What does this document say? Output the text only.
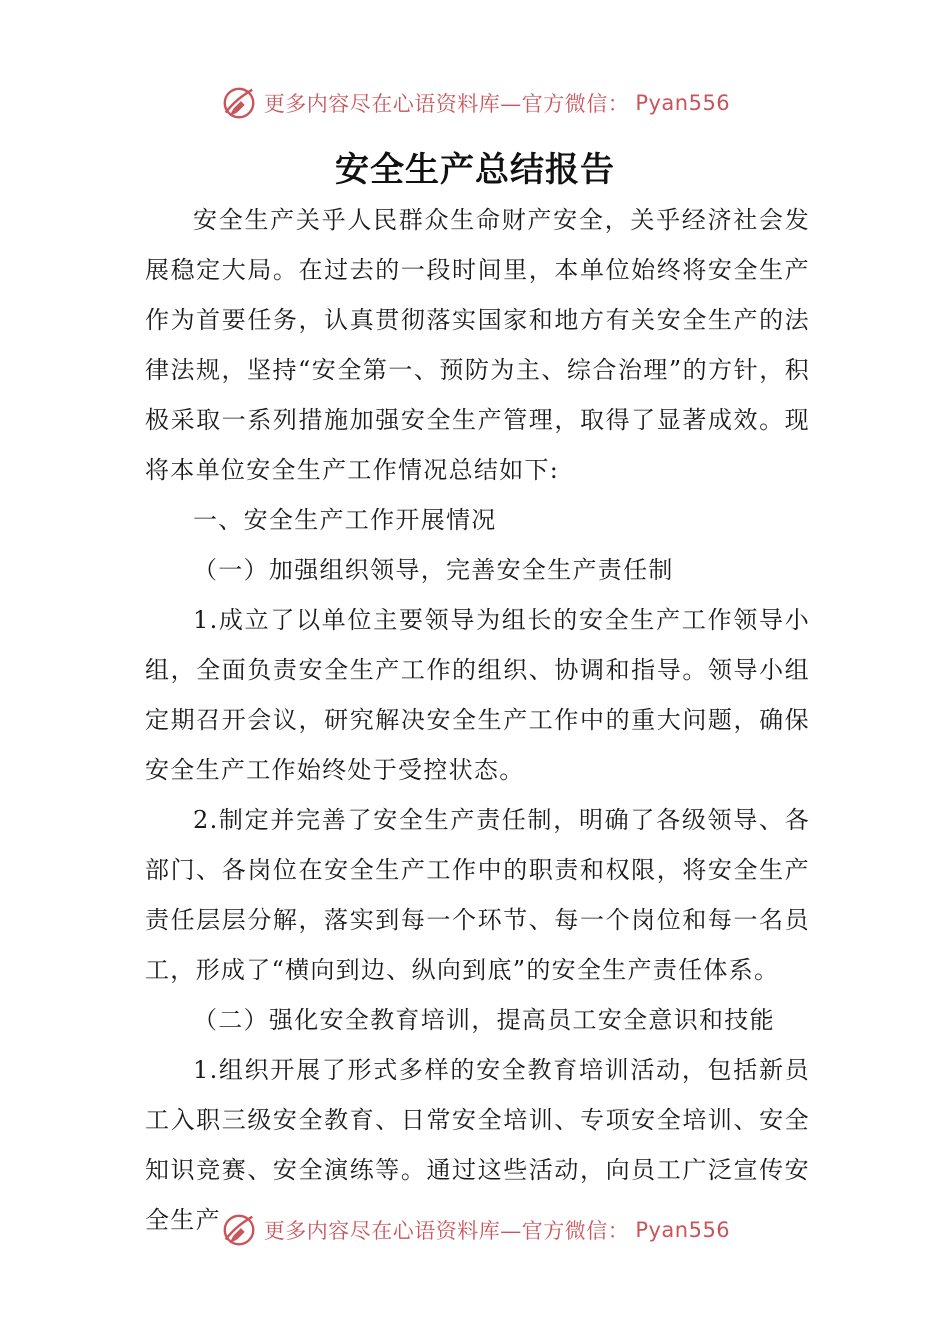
更多内容尽在心语资料库—官方微信： Pyan556
安全生产总结报告

安全生产关乎人民群众生命财产安全，关乎经济社会发展稳定大局。在过去的一段时间里，本单位始终将安全生产作为首要任务，认真贯彻落实国家和地方有关安全生产的法律法规，坚持“安全第一、预防为主、综合治理”的方针，积极采取一系列措施加强安全生产管理，取得了显著成效。现将本单位安全生产工作情况总结如下:

一、安全生产工作开展情况

（一）加强组织领导，完善安全生产责任制

1.成立了以单位主要领导为组长的安全生产工作领导小组，全面负责安全生产工作的组织、协调和指导。领导小组定期召开会议，研究解决安全生产工作中的重大问题，确保安全生产工作始终处于受控状态。

2.制定并完善了安全生产责任制，明确了各级领导、各部门、各岗位在安全生产工作中的职责和权限，将安全生产责任层层分解，落实到每一个环节、每一个岗位和每一名员工，形成了“横向到边、纵向到底”的安全生产责任体系。

（二）强化安全教育培训，提高员工安全意识和技能

1.组织开展了形式多样的安全教育培训活动，包括新员工入职三级安全教育、日常安全培训、专项安全培训、安全知识竞赛、安全演练等。通过这些活动，向员工广泛宣传安全生产	更多内容尽在心语资料库—官方微信： Pyan556
